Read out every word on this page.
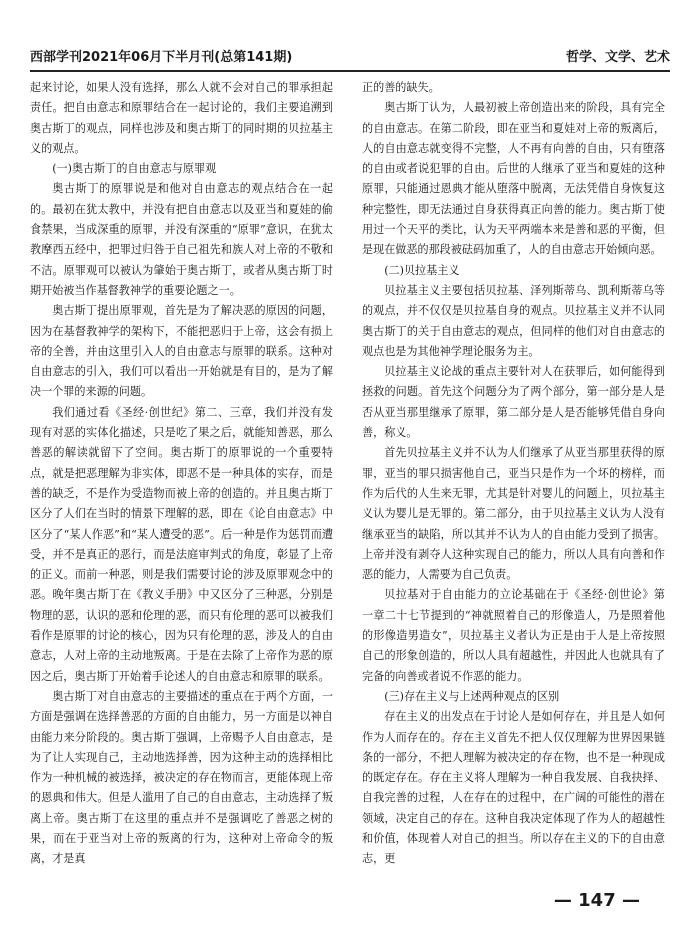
西部学刊2021年06月下半月刊(总第141期)	哲学、文学、艺术

起来讨论，如果人没有选择，那么人就不会对自己的罪承担起责任。把自由意志和原罪结合在一起讨论的，我们主要追溯到奥古斯丁的观点，同样也涉及和奥古斯丁的同时期的贝拉基主义的观点。

(一)奥古斯丁的自由意志与原罪观

奥古斯丁的原罪说是和他对自由意志的观点结合在一起的。最初在犹太教中，并没有把自由意志以及亚当和夏娃的偷食禁果，当成深重的原罪，并没有深重的“原罪”意识，在犹太教摩西五经中，把罪过归咎于自己祖先和族人对上帝的不敬和不洁。原罪观可以被认为肇始于奥古斯丁，或者从奥古斯丁时期开始被当作基督教神学的重要论题之一。

奥古斯丁提出原罪观，首先是为了解决恶的原因的问题，因为在基督教神学的架构下，不能把恶归于上帝，这会有损上帝的全善，并由这里引入人的自由意志与原罪的联系。这种对自由意志的引入，我们可以看出一开始就是有目的，是为了解决一个罪的来源的问题。

我们通过看《圣经·创世纪》第二、三章，我们并没有发现有对恶的实体化描述，只是吃了果之后，就能知善恶，那么善恶的解读就留下了空间。奥古斯丁的原罪说的一个重要特点，就是把恶理解为非实体，即恶不是一种具体的实存，而是善的缺乏，不是作为受造物而被上帝的创造的。并且奥古斯丁区分了人们在当时的情景下理解的恶，即在《论自由意志》中区分了“某人作恶”和“某人遭受的恶”。后一种是作为惩罚而遭受，并不是真正的恶行，而是法庭审判式的角度，彰显了上帝的正义。而前一种恶，则是我们需要讨论的涉及原罪观念中的恶。晚年奥古斯丁在《教义手册》中又区分了三种恶，分别是物理的恶，认识的恶和伦理的恶，而只有伦理的恶可以被我们看作是原罪的讨论的核心，因为只有伦理的恶，涉及人的自由意志，人对上帝的主动地叛离。于是在去除了上帝作为恶的原因之后，奥古斯丁开始着手论述人的自由意志和原罪的联系。

奥古斯丁对自由意志的主要描述的重点在于两个方面，一方面是强调在选择善恶的方面的自由能力，另一方面是以神自由能力来分阶段的。奥古斯丁强调，上帝赐予人自由意志，是为了让人实现自己，主动地选择善，因为这种主动的选择相比作为一种机械的被选择，被决定的存在物而言，更能体现上帝的恩典和伟大。但是人滥用了自己的自由意志，主动选择了叛离上帝。奥古斯丁在这里的重点并不是强调吃了善恶之树的果，而在于亚当对上帝的叛离的行为，这种对上帝命令的叛离，才是真

正的善的缺失。

奥古斯丁认为，人最初被上帝创造出来的阶段，具有完全的自由意志。在第二阶段，即在亚当和夏娃对上帝的叛离后，人的自由意志就变得不完整，人不再有向善的自由，只有堕落的自由或者说犯罪的自由。后世的人继承了亚当和夏娃的这种原罪，只能通过恩典才能从堕落中脱离，无法凭借自身恢复这种完整性，即无法通过自身获得真正向善的能力。奥古斯丁使用过一个天平的类比，认为天平两端本来是善和恶的平衡，但是现在做恶的那段被砝码加重了，人的自由意志开始倾向恶。

(二)贝拉基主义

贝拉基主义主要包括贝拉基、泽列斯蒂乌、凯利斯蒂乌等的观点，并不仅仅是贝拉基自身的观点。贝拉基主义并不认同奥古斯丁的关于自由意志的观点，但同样的他们对自由意志的观点也是为其他神学理论服务为主。

贝拉基主义论战的重点主要针对人在获罪后，如何能得到拯救的问题。首先这个问题分为了两个部分，第一部分是人是否从亚当那里继承了原罪，第二部分是人是否能够凭借自身向善，称义。

首先贝拉基主义并不认为人们继承了从亚当那里获得的原罪，亚当的罪只损害他自己，亚当只是作为一个坏的榜样，而作为后代的人生来无罪，尤其是针对婴儿的问题上，贝拉基主义认为婴儿是无罪的。第二部分，由于贝拉基主义认为人没有继承亚当的缺陷，所以其并不认为人的自由能力受到了损害。上帝并没有剥夺人这种实现自己的能力，所以人具有向善和作恶的能力，人需要为自己负责。

贝拉基对于自由能力的立论基础在于《圣经·创世论》第一章二十七节提到的“神就照着自己的形像造人，乃是照着他的形像造男造女”，贝拉基主义者认为正是由于人是上帝按照自己的形象创造的，所以人具有超越性，并因此人也就具有了完备的向善或者说不作恶的能力。

(三)存在主义与上述两种观点的区别

存在主义的出发点在于讨论人是如何存在，并且是人如何作为人而存在的。存在主义首先不把人仅仅理解为世界因果链条的一部分，不把人理解为被决定的存在物，也不是一种现成的既定存在。存在主义将人理解为一种自我发展、自我抉择、自我完善的过程，人在存在的过程中，在广阔的可能性的潜在领域，决定自己的存在。这种自我决定体现了作为人的超越性和价值，体现着人对自己的担当。所以存在主义的下的自由意志，更

— 147 —
